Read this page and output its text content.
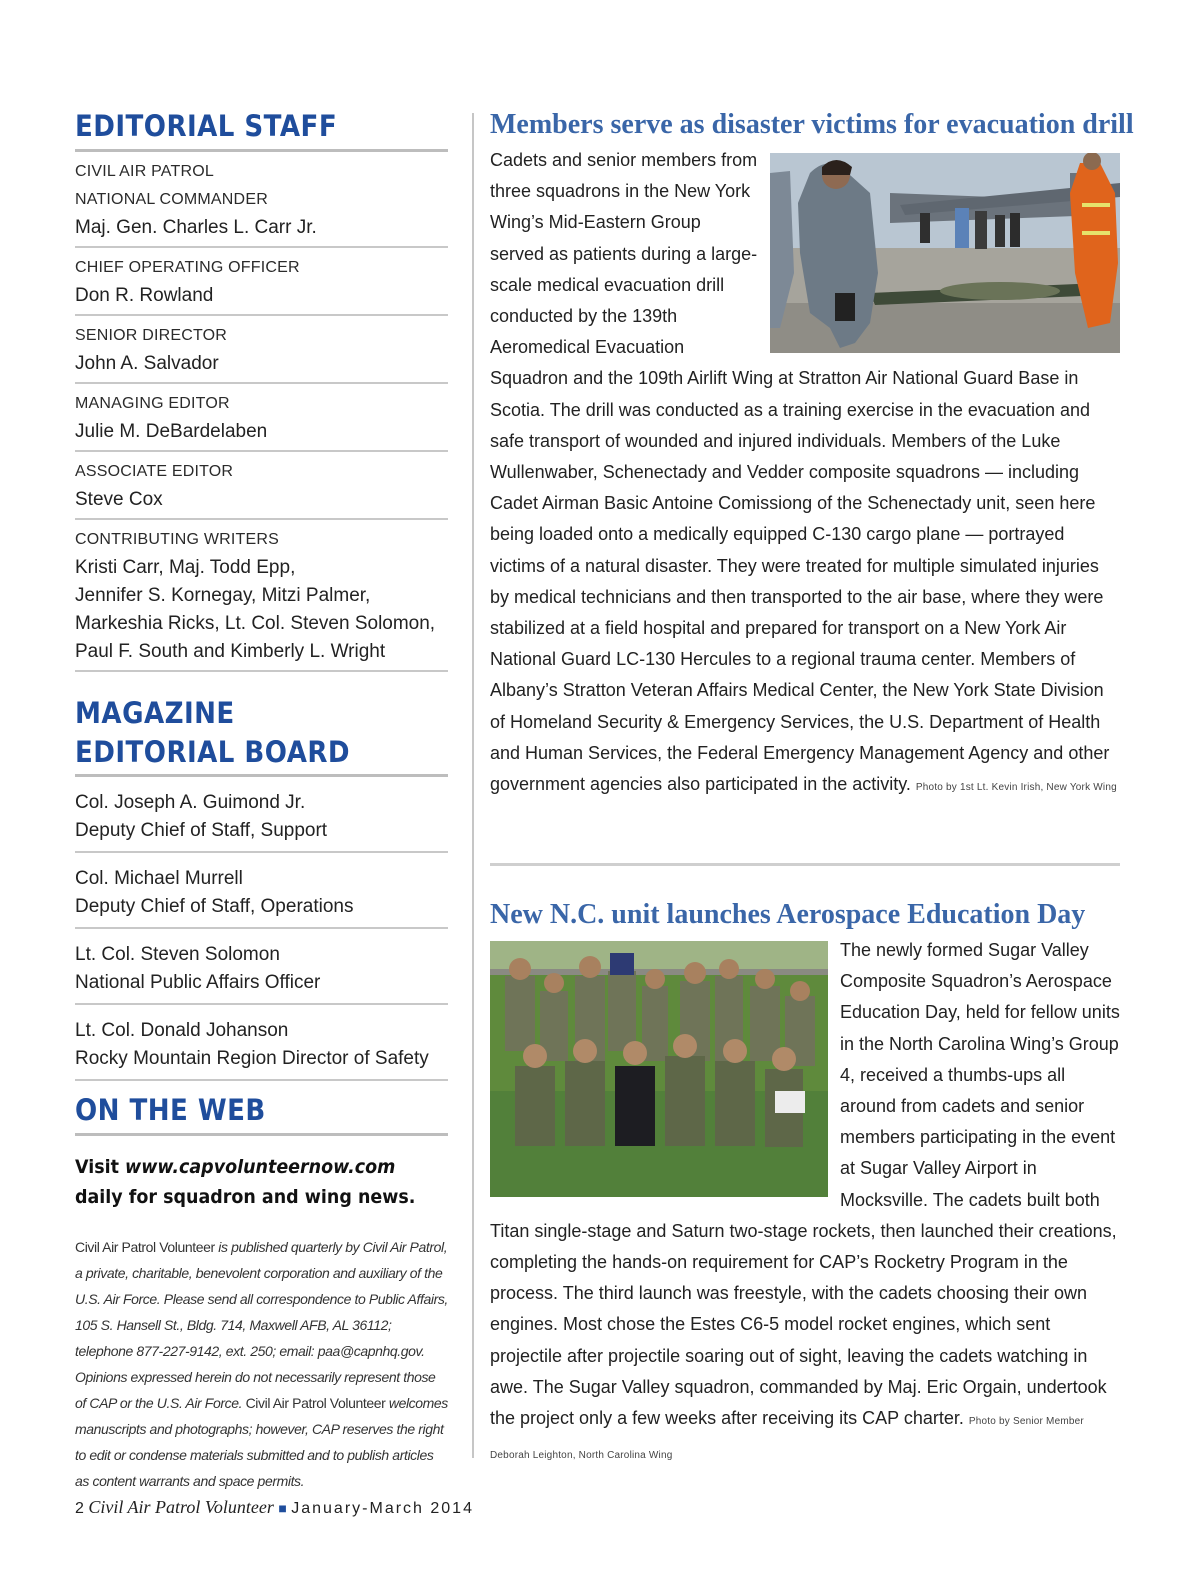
EDITORIAL STAFF
CIVIL AIR PATROL
NATIONAL COMMANDER
Maj. Gen. Charles L. Carr Jr.
CHIEF OPERATING OFFICER
Don R. Rowland
SENIOR DIRECTOR
John A. Salvador
MANAGING EDITOR
Julie M. DeBardelaben
ASSOCIATE EDITOR
Steve Cox
CONTRIBUTING WRITERS
Kristi Carr, Maj. Todd Epp,
Jennifer S. Kornegay, Mitzi Palmer,
Markeshia Ricks, Lt. Col. Steven Solomon,
Paul F. South and Kimberly L. Wright
MAGAZINE
EDITORIAL BOARD
Col. Joseph A. Guimond Jr.
Deputy Chief of Staff, Support
Col. Michael Murrell
Deputy Chief of Staff, Operations
Lt. Col. Steven Solomon
National Public Affairs Officer
Lt. Col. Donald Johanson
Rocky Mountain Region Director of Safety
ON THE WEB
Visit www.capvolunteernow.com daily for squadron and wing news.
Civil Air Patrol Volunteer is published quarterly by Civil Air Patrol, a private, charitable, benevolent corporation and auxiliary of the U.S. Air Force. Please send all correspondence to Public Affairs, 105 S. Hansell St., Bldg. 714, Maxwell AFB, AL 36112; telephone 877-227-9142, ext. 250; email: paa@capnhq.gov. Opinions expressed herein do not necessarily represent those of CAP or the U.S. Air Force. Civil Air Patrol Volunteer welcomes manuscripts and photographs; however, CAP reserves the right to edit or condense materials submitted and to publish articles as content warrants and space permits.
Members serve as disaster victims for evacuation drill

Cadets and senior members from three squadrons in the New York Wing’s Mid-Eastern Group served as patients during a large-scale medical evacuation drill conducted by the 139th Aeromedical Evacuation Squadron and the 109th Airlift Wing at Stratton Air National Guard Base in Scotia. The drill was conducted as a training exercise in the evacuation and safe transport of wounded and injured individuals. Members of the Luke Wullenwaber, Schenectady and Vedder composite squadrons — including Cadet Airman Basic Antoine Comissiong of the Schenectady unit, seen here being loaded onto a medically equipped C-130 cargo plane — portrayed victims of a natural disaster. They were treated for multiple simulated injuries by medical technicians and then transported to the air base, where they were stabilized at a field hospital and prepared for transport on a New York Air National Guard LC-130 Hercules to a regional trauma center. Members of Albany’s Stratton Veteran Affairs Medical Center, the New York State Division of Homeland Security & Emergency Services, the U.S. Department of Health and Human Services, the Federal Emergency Management Agency and other government agencies also participated in the activity. Photo by 1st Lt. Kevin Irish, New York Wing

New N.C. unit launches Aerospace Education Day

The newly formed Sugar Valley Composite Squadron’s Aerospace Education Day, held for fellow units in the North Carolina Wing’s Group 4, received a thumbs-ups all around from cadets and senior members participating in the event at Sugar Valley Airport in Mocksville. The cadets built both Titan single-stage and Saturn two-stage rockets, then launched their creations, completing the hands-on requirement for CAP’s Rocketry Program in the process. The third launch was freestyle, with the cadets choosing their own engines. Most chose the Estes C6-5 model rocket engines, which sent projectile after projectile soaring out of sight, leaving the cadets watching in awe. The Sugar Valley squadron, commanded by Maj. Eric Orgain, undertook the project only a few weeks after receiving its CAP charter. Photo by Senior Member Deborah Leighton, North Carolina Wing

2 Civil Air Patrol Volunteer ■ January-March 2014
